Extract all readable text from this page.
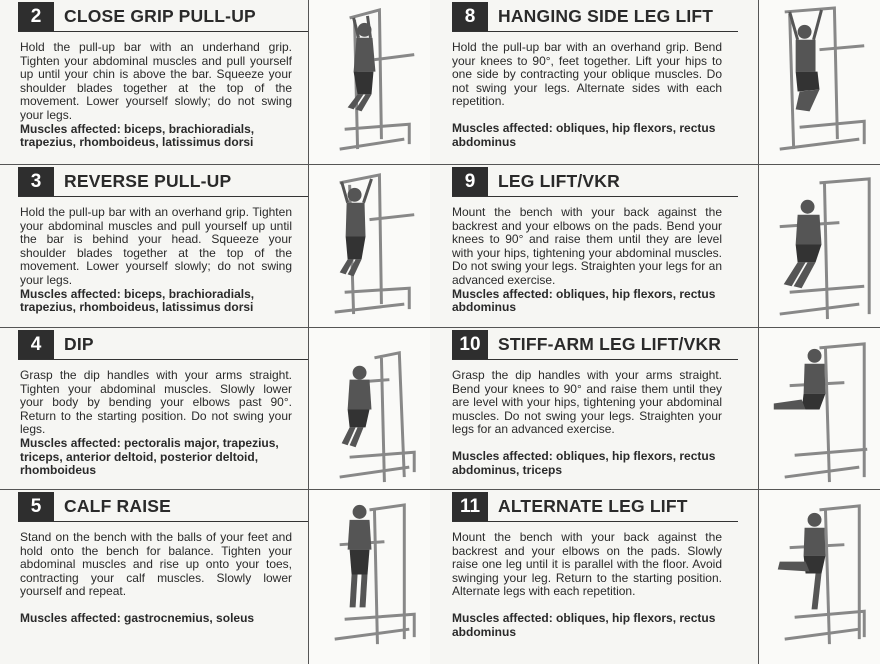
2	CLOSE GRIP PULL-UP

Hold the pull-up bar with an underhand grip. Tighten your abdominal muscles and pull yourself up until your chin is above the bar. Squeeze your shoulder blades together at the top of the movement. Lower yourself slowly; do not swing your legs.
Muscles affected: biceps, brachioradials, trapezius, rhomboideus, latissimus dorsi

3	REVERSE PULL-UP

Hold the pull-up bar with an overhand grip. Tighten your abdominal muscles and pull yourself up until the bar is behind your head. Squeeze your shoulder blades together at the top of the movement. Lower yourself slowly; do not swing your legs.
Muscles affected: biceps, brachioradials, trapezius, rhomboideus, latissimus dorsi

4	DIP

Grasp the dip handles with your arms straight. Tighten your abdominal muscles. Slowly lower your body by bending your elbows past 90°. Return to the starting position. Do not swing your legs.
Muscles affected: pectoralis major, trapezius, triceps, anterior deltoid, posterior deltoid, rhomboideus

5	CALF RAISE

Stand on the bench with the balls of your feet and hold onto the bench for balance. Tighten your abdominal muscles and rise up onto your toes, contracting your calf muscles. Slowly lower yourself and repeat.
Muscles affected: gastrocnemius, soleus

8	HANGING SIDE LEG LIFT

Hold the pull-up bar with an overhand grip. Bend your knees to 90°, feet together. Lift your hips to one side by contracting your oblique muscles. Do not swing your legs. Alternate sides with each repetition.
Muscles affected: obliques, hip flexors, rectus abdominus

9	LEG LIFT/VKR

Mount the bench with your back against the backrest and your elbows on the pads. Bend your knees to 90° and raise them until they are level with your hips, tightening your abdominal muscles. Do not swing your legs. Straighten your legs for an advanced exercise.
Muscles affected: obliques, hip flexors, rectus abdominus

10 STIFF-ARM LEG LIFT/VKR

Grasp the dip handles with your arms straight. Bend your knees to 90° and raise them until they are level with your hips, tightening your abdominal muscles. Do not swing your legs. Straighten your legs for an advanced exercise.
Muscles affected: obliques, hip flexors, rectus abdominus, triceps

11	ALTERNATE LEG LIFT

Mount the bench with your back against the backrest and your elbows on the pads. Slowly raise one leg until it is parallel with the floor. Avoid swinging your leg. Return to the starting position. Alternate legs with each repetition.
Muscles affected: obliques, hip flexors, rectus abdominus
